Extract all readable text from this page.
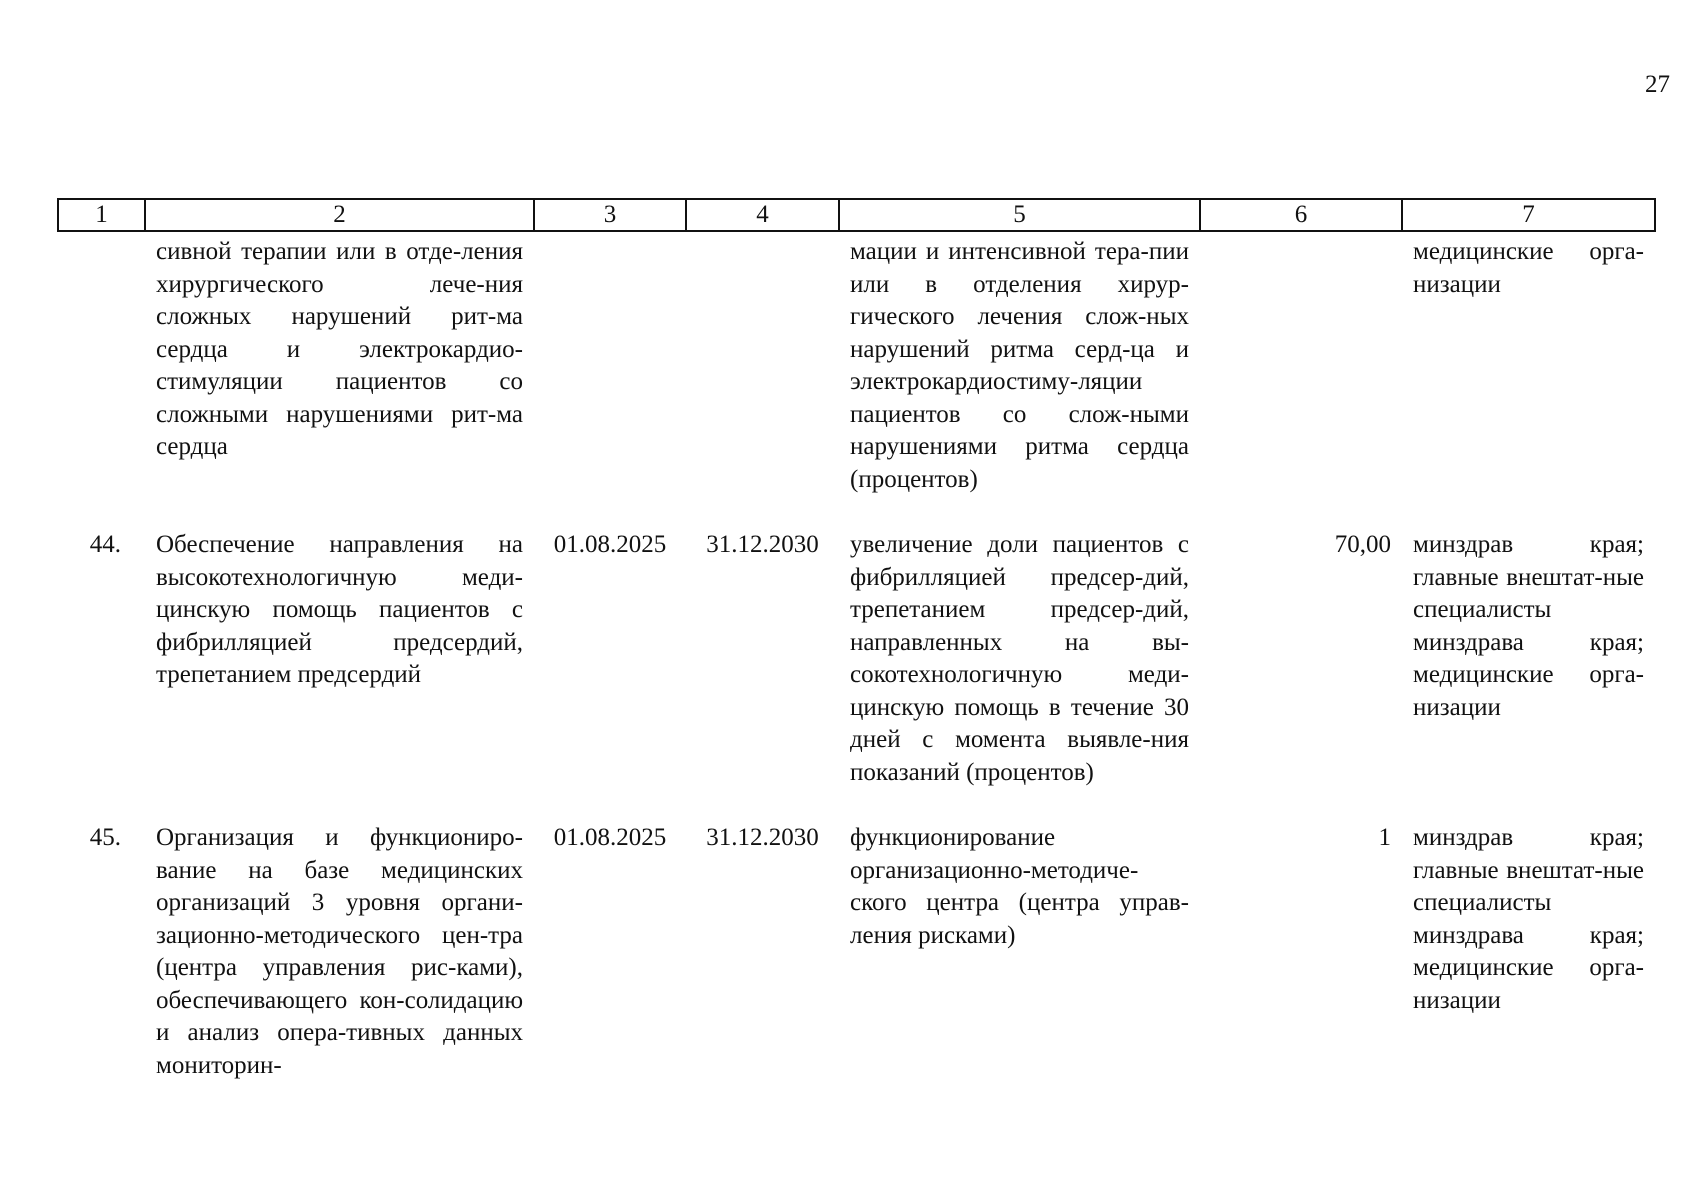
27
1	2	3	4	5	6	7
	сивной терапии или в отде-ления хирургического лече-ния сложных нарушений рит-ма сердца и электрокардио-стимуляции пациентов со сложными нарушениями рит-ма сердца			мации и интенсивной тера-пии или в отделения хирур-гического лечения слож-ных нарушений ритма серд-ца и электрокардиостиму-ляции пациентов со слож-ными нарушениями ритма сердца (процентов)		медицинские орга-низации
44.	Обеспечение направления на высокотехнологичную меди-цинскую помощь пациентов с фибрилляцией предсердий, трепетанием предсердий	01.08.2025	31.12.2030	увеличение доли пациентов с фибрилляцией предсер-дий, трепетанием предсер-дий, направленных на вы-сокотехнологичную меди-цинскую помощь в течение 30 дней с момента выявле-ния показаний (процентов)	70,00	минздрав края; главные внештат-ные специалисты минздрава края; медицинские орга-низации
45.	Организация и функциониро-вание на базе медицинских организаций 3 уровня органи-зационно-методического цен-тра (центра управления рис-ками), обеспечивающего кон-солидацию и анализ опера-тивных данных мониторин-	01.08.2025	31.12.2030	функционирование организационно-методиче-ского центра (центра управ-ления рисками)	1	минздрав края; главные внештат-ные специалисты минздрава края; медицинские орга-низации
